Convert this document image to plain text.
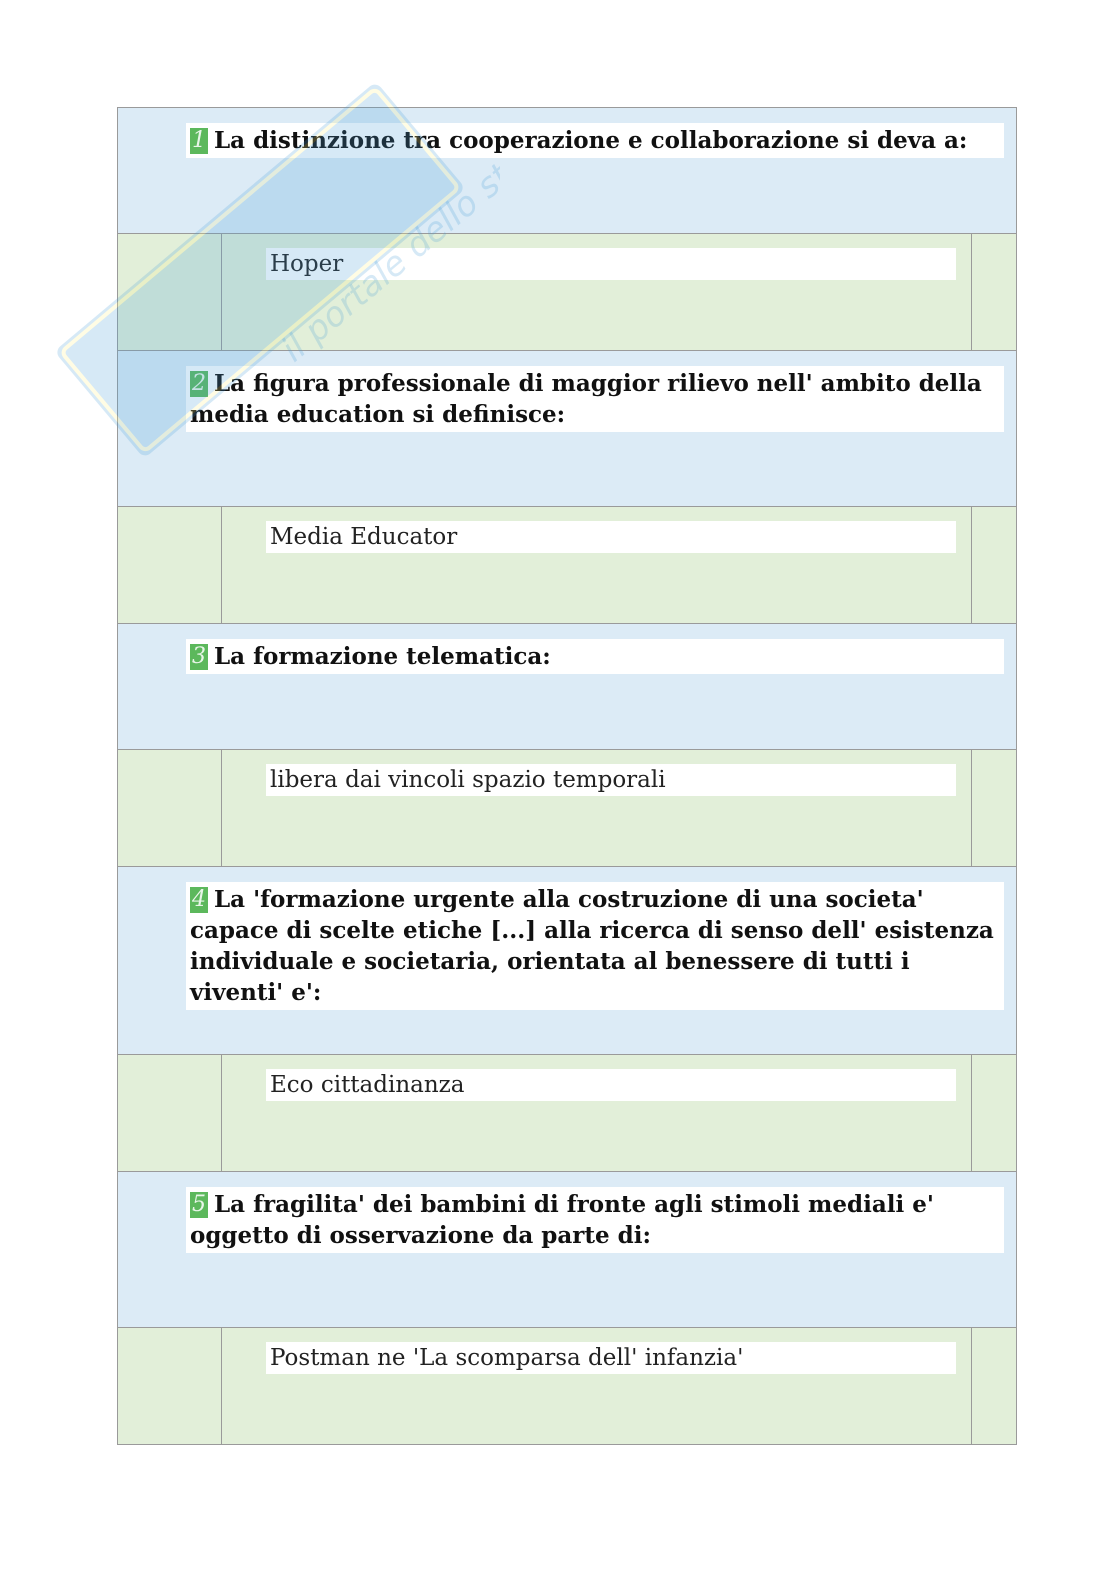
1 La distinzione tra cooperazione e collaborazione si deva a:
Hoper
2 La figura professionale di maggior rilievo nell' ambito della media education si definisce:
Media Educator
3 La formazione telematica:
libera dai vincoli spazio temporali
4 La 'formazione urgente alla costruzione di una societa' capace di scelte etiche [...] alla ricerca di senso dell' esistenza individuale e societaria, orientata al benessere di tutti i viventi' e':
Eco cittadinanza
5 La fragilita' dei bambini di fronte agli stimoli mediali e' oggetto di osservazione da parte di:
Postman ne 'La scomparsa dell' infanzia'
